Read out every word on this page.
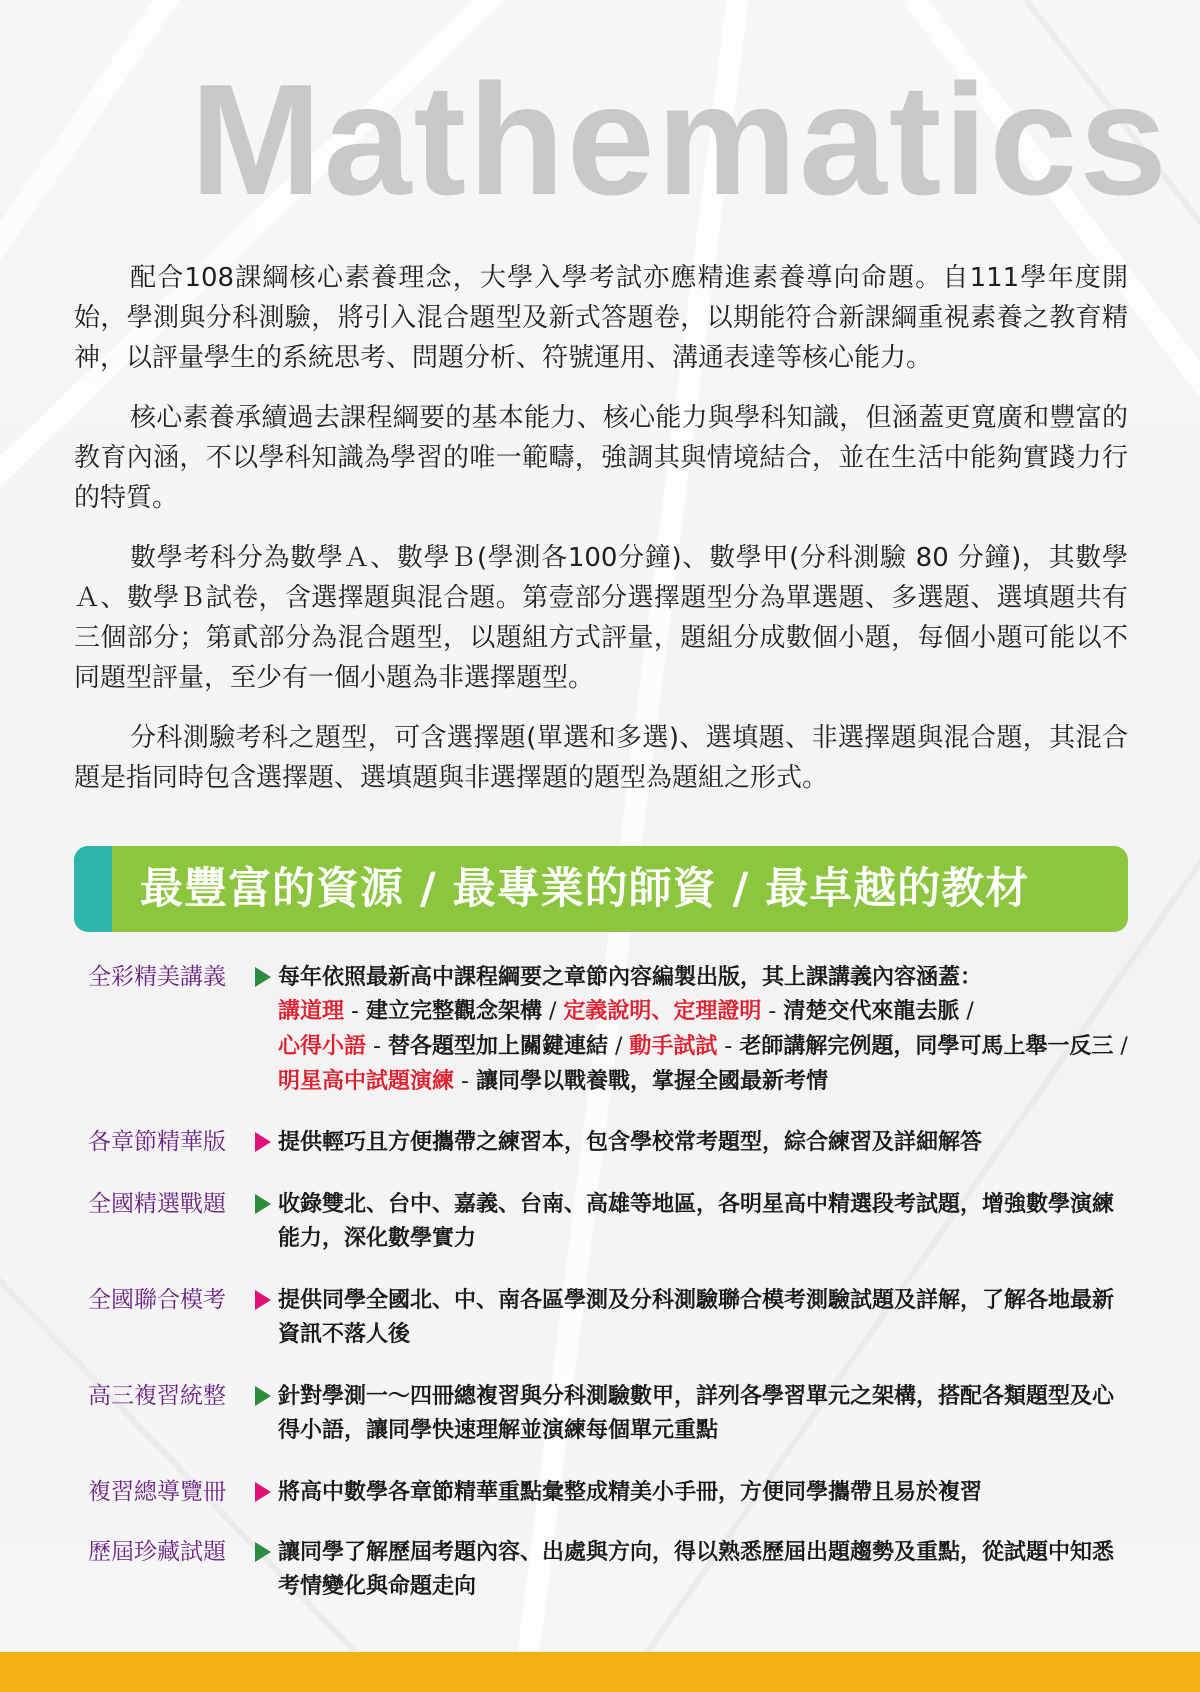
Mathematics

配合108課綱核心素養理念，大學入學考試亦應精進素養導向命題。自111學年度開始，學測與分科測驗，將引入混合題型及新式答題卷，以期能符合新課綱重視素養之教育精神，以評量學生的系統思考、問題分析、符號運用、溝通表達等核心能力。

核心素養承續過去課程綱要的基本能力、核心能力與學科知識，但涵蓋更寬廣和豐富的教育內涵，不以學科知識為學習的唯一範疇，強調其與情境結合，並在生活中能夠實踐力行的特質。

數學考科分為數學Ａ、數學Ｂ(學測各100分鐘)、數學甲(分科測驗 80 分鐘)，其數學Ａ、數學Ｂ試卷，含選擇題與混合題。第壹部分選擇題型分為單選題、多選題、選填題共有三個部分；第貳部分為混合題型，以題組方式評量，題組分成數個小題，每個小題可能以不同題型評量，至少有一個小題為非選擇題型。

分科測驗考科之題型，可含選擇題(單選和多選)、選填題、非選擇題與混合題，其混合題是指同時包含選擇題、選填題與非選擇題的題型為題組之形式。

最豐富的資源 / 最專業的師資 / 最卓越的教材
全彩精美講義	每年依照最新高中課程綱要之章節內容編製出版，其上課講義內容涵蓋：
講道理 - 建立完整觀念架構 / 定義說明、定理證明 - 清楚交代來龍去脈 /
心得小語 - 替各題型加上關鍵連結 / 動手試試 - 老師講解完例題，同學可馬上舉一反三 / 明星高中試題演練 - 讓同學以戰養戰，掌握全國最新考情
各章節精華版	提供輕巧且方便攜帶之練習本，包含學校常考題型，綜合練習及詳細解答
全國精選戰題	收錄雙北、台中、嘉義、台南、高雄等地區，各明星高中精選段考試題，增強數學演練能力，深化數學實力
全國聯合模考	提供同學全國北、中、南各區學測及分科測驗聯合模考測驗試題及詳解，了解各地最新資訊不落人後
高三複習統整	針對學測一～四冊總複習與分科測驗數甲，詳列各學習單元之架構，搭配各類題型及心得小語，讓同學快速理解並演練每個單元重點
複習總導覽冊	將高中數學各章節精華重點彙整成精美小手冊，方便同學攜帶且易於複習
歷屆珍藏試題	讓同學了解歷屆考題內容、出處與方向，得以熟悉歷屆出題趨勢及重點，從試題中知悉考情變化與命題走向
